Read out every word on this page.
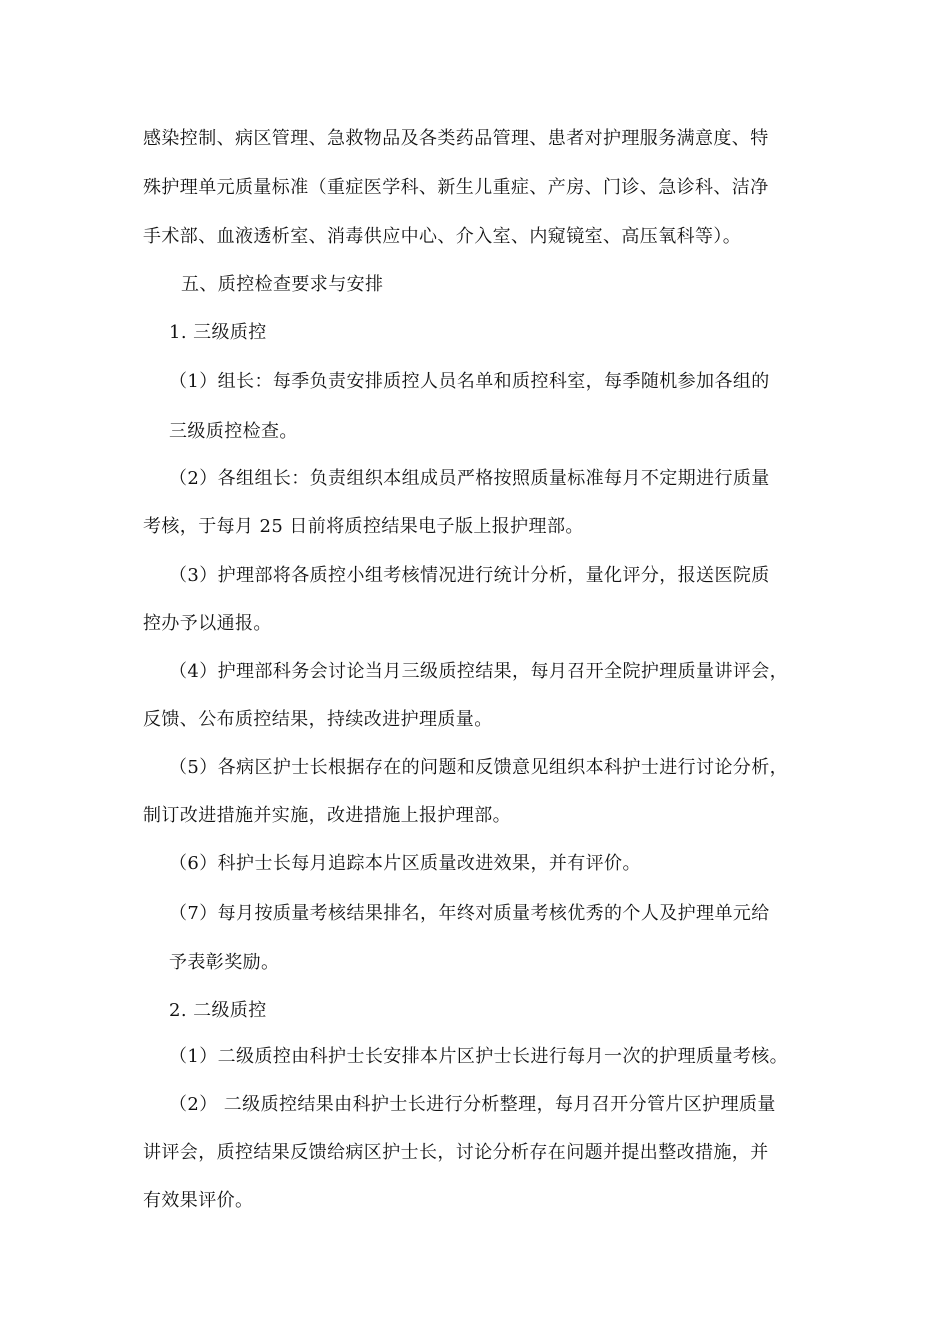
感染控制、病区管理、急救物品及各类药品管理、患者对护理服务满意度、特
殊护理单元质量标准（重症医学科、新生儿重症、产房、门诊、急诊科、洁净
手术部、血液透析室、消毒供应中心、介入室、内窥镜室、高压氧科等）。
五、质控检查要求与安排
1. 三级质控
（1）组长：每季负责安排质控人员名单和质控科室，每季随机参加各组的
三级质控检查。
（2）各组组长：负责组织本组成员严格按照质量标准每月不定期进行质量
考核，于每月 25 日前将质控结果电子版上报护理部。
（3）护理部将各质控小组考核情况进行统计分析，量化评分，报送医院质
控办予以通报。
（4）护理部科务会讨论当月三级质控结果，每月召开全院护理质量讲评会，
反馈、公布质控结果，持续改进护理质量。
（5）各病区护士长根据存在的问题和反馈意见组织本科护士进行讨论分析，
制订改进措施并实施，改进措施上报护理部。
（6）科护士长每月追踪本片区质量改进效果，并有评价。
（7）每月按质量考核结果排名，年终对质量考核优秀的个人及护理单元给
予表彰奖励。
2. 二级质控
（1）二级质控由科护士长安排本片区护士长进行每月一次的护理质量考核。
（2） 二级质控结果由科护士长进行分析整理，每月召开分管片区护理质量
讲评会，质控结果反馈给病区护士长，讨论分析存在问题并提出整改措施，并
有效果评价。
